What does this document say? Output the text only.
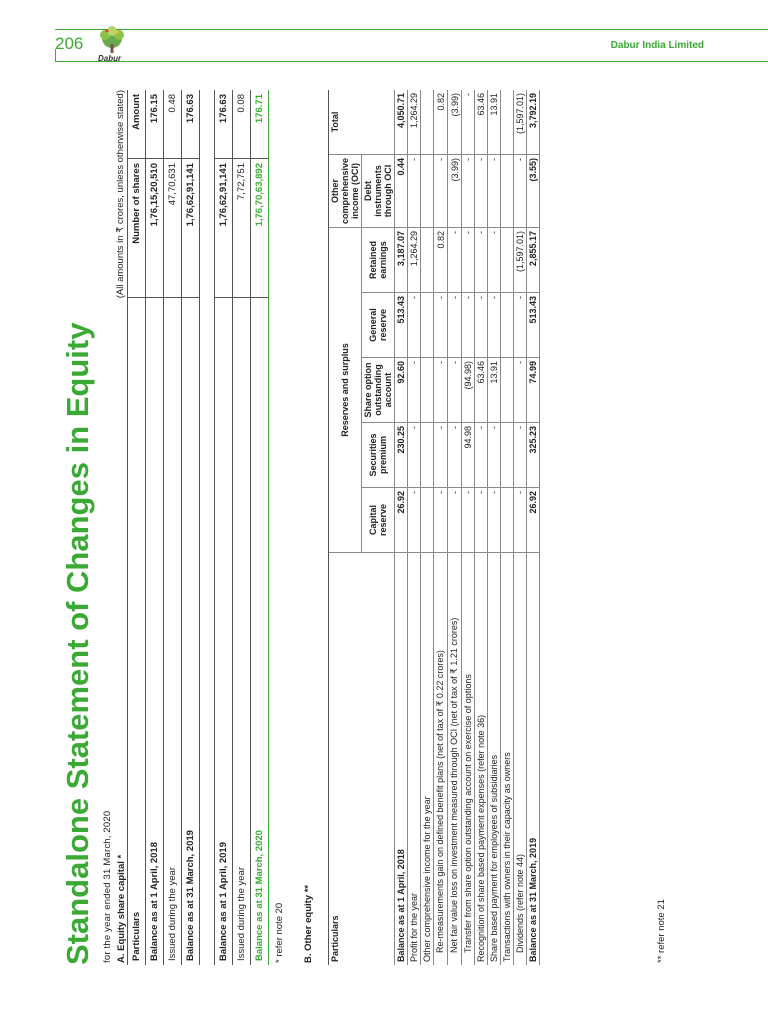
206
Dabur
Dabur India Limited
Standalone Statement of Changes in Equity for the year ended 31 March, 2020 A. Equity share capital *
(All amounts in ₹ crores, unless otherwise stated)
Particulars	Number of shares	Amount
Balance as at 1 April, 2018	1,76,15,20,510	176.15
Issued during the year	47,70,631	0.48
Balance as at 31 March, 2019	1,76,62,91,141	176.63

Balance as at 1 April, 2019	1,76,62,91,141	176.63
Issued during the year	7,72,751	0.08
Balance as at 31 March, 2020	1,76,70,63,892	176.71
* refer note 20 B. Other equity ** Particulars	Reserves and surplus					Other comprehensive income (OCI)	Total
	Capital reserve	Securities premium	Share option outstanding account	General reserve	Retained earnings	Debt instruments through OCI	
Balance as at 1 April, 2018	26.92	230.25	92.60	513.43	3,187.07	0.44	4,050.71
Profit for the year	-	-	-	-	1,264.29	-	1,264.29
Other comprehensive income for the year							
Re-measurements gain on defined benefit plans (net of tax of ₹ 0.22 crores)	-	-	-	-	0.82	-	0.82
Net fair value loss on investment measured through OCI (net of tax of ₹ 1.21 crores)	-	-	-	-	-	(3.99)	(3.99)
Transfer from share option outstanding account on exercise of options	-	94.98	(94.98)	-	-	-	-
Recognition of share based payment expenses (refer note 36)	-	-	63.46	-	-	-	63.46
Share based payment for employees of subsidiaries	-	-	13.91	-	-	-	13.91
Transactions with owners in their capacity as owners							
Dividends (refer note 44)	-	-	-	-	(1,597.01)	-	(1,597.01)
Balance as at 31 March, 2019	26.92	325.23	74.99	513.43	2,855.17	(3.55)	3,792.19
** refer note 21
